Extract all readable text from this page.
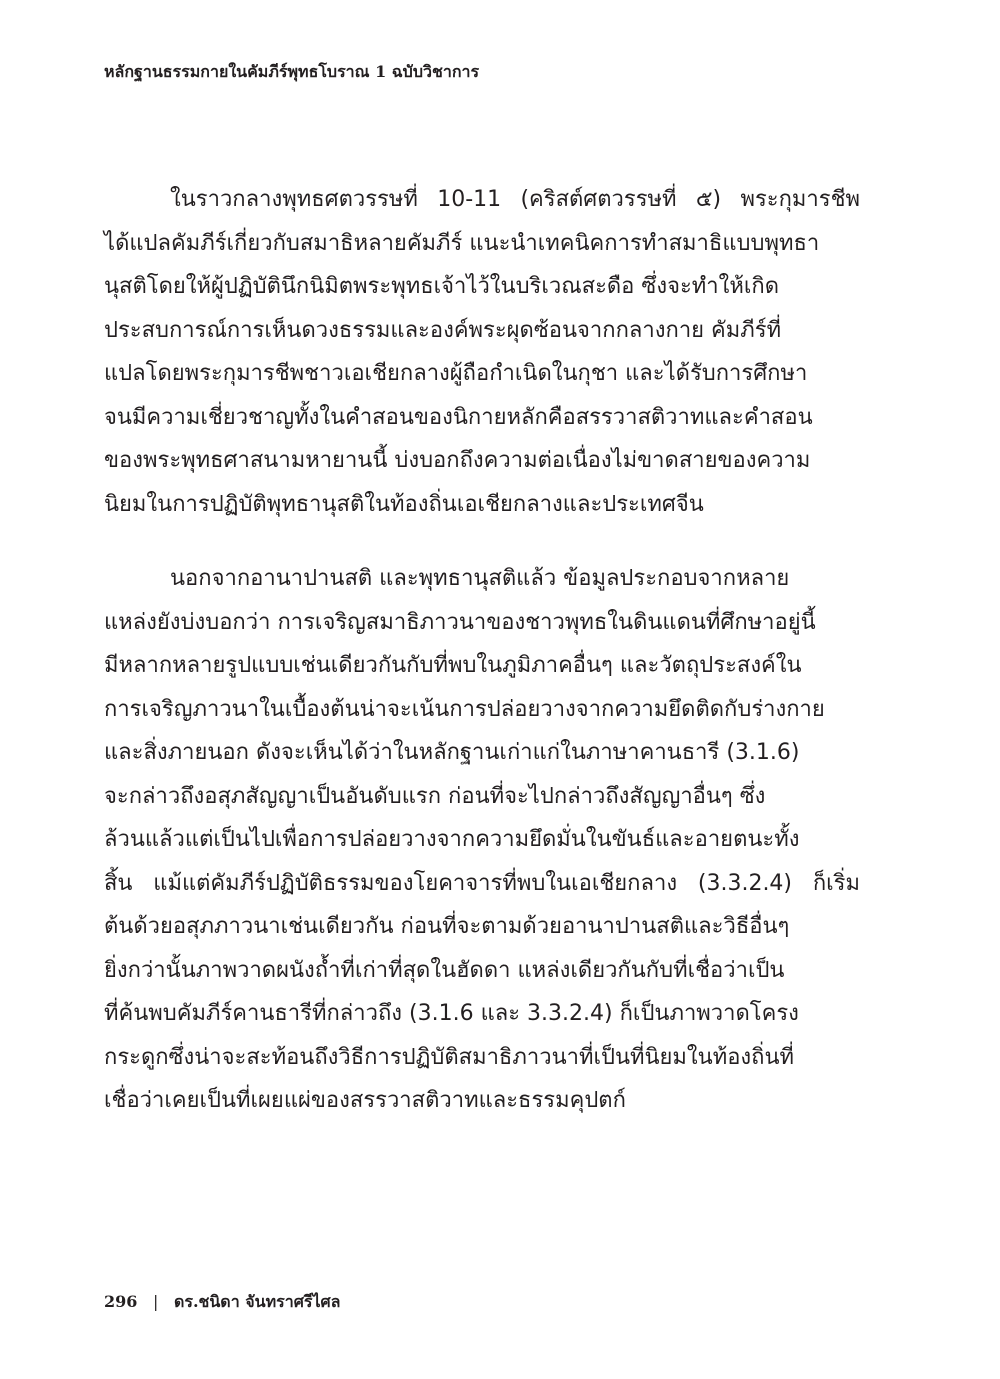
หลักฐานธรรมกายในคัมภีร์พุทธโบราณ 1 ฉบับวิชาการ
ในราวกลางพุทธศตวรรษที่ 10-11 (คริสต์ศตวรรษที่ ๕) พระกุมารชีพ
ได้แปลคัมภีร์เกี่ยวกับสมาธิหลายคัมภีร์ แนะนำเทคนิคการทำสมาธิแบบพุทธา
นุสติโดยให้ผู้ปฏิบัตินึกนิมิตพระพุทธเจ้าไว้ในบริเวณสะดือ ซึ่งจะทำให้เกิด
ประสบการณ์การเห็นดวงธรรมและองค์พระผุดซ้อนจากกลางกาย คัมภีร์ที่
แปลโดยพระกุมารชีพชาวเอเชียกลางผู้ถือกำเนิดในกุชา และได้รับการศึกษา
จนมีความเชี่ยวชาญทั้งในคำสอนของนิกายหลักคือสรรวาสติวาทและคำสอน
ของพระพุทธศาสนามหายานนี้ บ่งบอกถึงความต่อเนื่องไม่ขาดสายของความ
นิยมในการปฏิบัติพุทธานุสติในท้องถิ่นเอเชียกลางและประเทศจีน
นอกจากอานาปานสติ และพุทธานุสติแล้ว ข้อมูลประกอบจากหลาย
แหล่งยังบ่งบอกว่า การเจริญสมาธิภาวนาของชาวพุทธในดินแดนที่ศึกษาอยู่นี้
มีหลากหลายรูปแบบเช่นเดียวกันกับที่พบในภูมิภาคอื่นๆ และวัตถุประสงค์ใน
การเจริญภาวนาในเบื้องต้นน่าจะเน้นการปล่อยวางจากความยึดติดกับร่างกาย
และสิ่งภายนอก ดังจะเห็นได้ว่าในหลักฐานเก่าแก่ในภาษาคานธารี (3.1.6)
จะกล่าวถึงอสุภสัญญาเป็นอันดับแรก ก่อนที่จะไปกล่าวถึงสัญญาอื่นๆ ซึ่ง
ล้วนแล้วแต่เป็นไปเพื่อการปล่อยวางจากความยึดมั่นในขันธ์และอายตนะทั้ง
สิ้น แม้แต่คัมภีร์ปฏิบัติธรรมของโยคาจารที่พบในเอเชียกลาง (3.3.2.4) ก็เริ่ม
ต้นด้วยอสุภภาวนาเช่นเดียวกัน ก่อนที่จะตามด้วยอานาปานสติและวิธีอื่นๆ
ยิ่งกว่านั้นภาพวาดผนังถ้ำที่เก่าที่สุดในฮัดดา แหล่งเดียวกันกับที่เชื่อว่าเป็น
ที่ค้นพบคัมภีร์คานธารีที่กล่าวถึง (3.1.6 และ 3.3.2.4) ก็เป็นภาพวาดโครง
กระดูกซึ่งน่าจะสะท้อนถึงวิธีการปฏิบัติสมาธิภาวนาที่เป็นที่นิยมในท้องถิ่นที่
เชื่อว่าเคยเป็นที่เผยแผ่ของสรรวาสติวาทและธรรมคุปตก์
296 | ดร.ชนิดา จันทราศรีไศล
